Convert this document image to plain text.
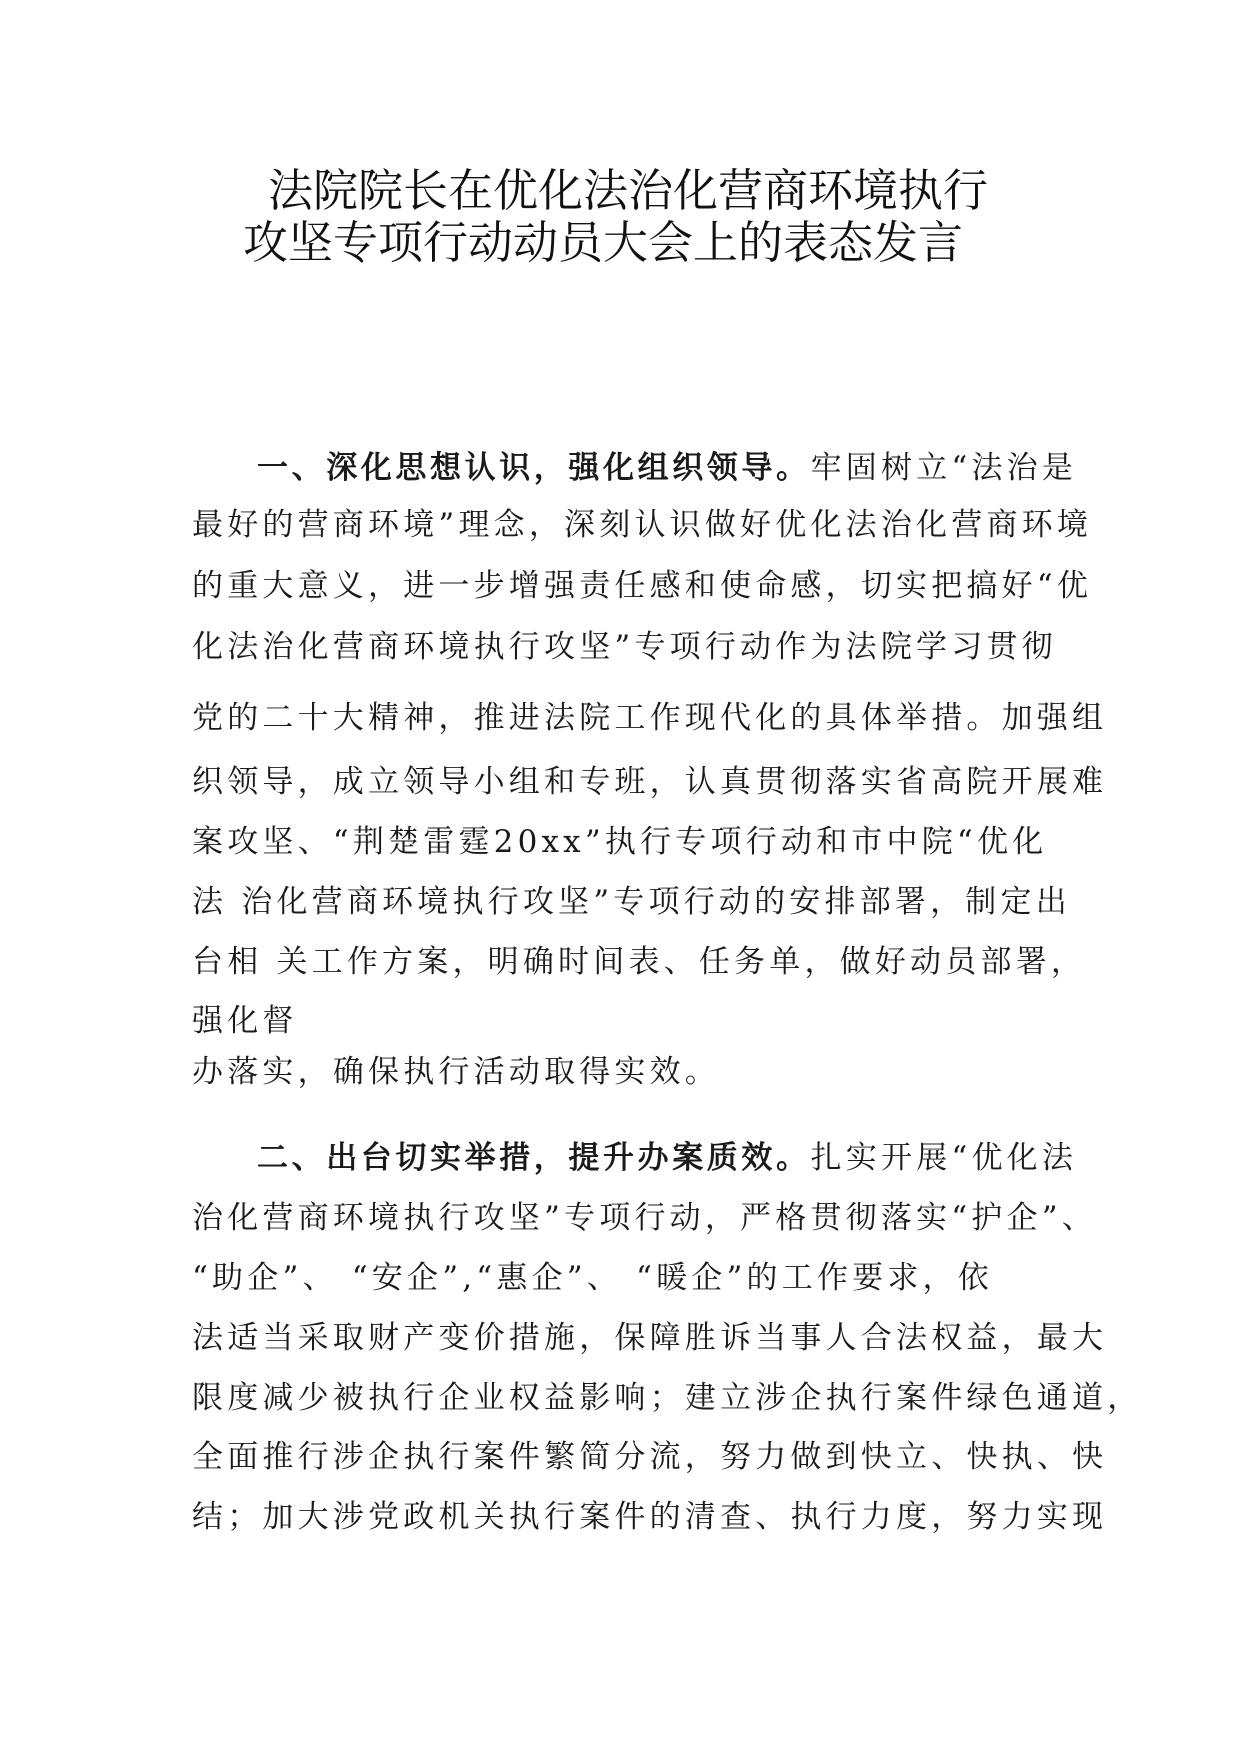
法院院长在优化法治化营商环境执行
攻坚专项行动动员大会上的表态发言
一、深化思想认识，强化组织领导。牢固树立“法治是
最好的营商环境”理念，深刻认识做好优化法治化营商环境
的重大意义，进一步增强责任感和使命感，切实把搞好“优
化法治化营商环境执行攻坚”专项行动作为法院学习贯彻
党的二十大精神，推进法院工作现代化的具体举措。加强组
织领导，成立领导小组和专班，认真贯彻落实省高院开展难
案攻坚、“荆楚雷霆20xx”执行专项行动和市中院“优化
法 治化营商环境执行攻坚”专项行动的安排部署，制定出
台相 关工作方案，明确时间表、任务单，做好动员部署，
强化督
办落实，确保执行活动取得实效。
二、出台切实举措，提升办案质效。扎实开展“优化法
治化营商环境执行攻坚”专项行动，严格贯彻落实“护企”、
“助企”、 “安企”,“惠企”、 “暖企”的工作要求，依
法适当采取财产变价措施，保障胜诉当事人合法权益，最大
限度减少被执行企业权益影响；建立涉企执行案件绿色通道，
全面推行涉企执行案件繁简分流，努力做到快立、快执、快
结；加大涉党政机关执行案件的清查、执行力度，努力实现
